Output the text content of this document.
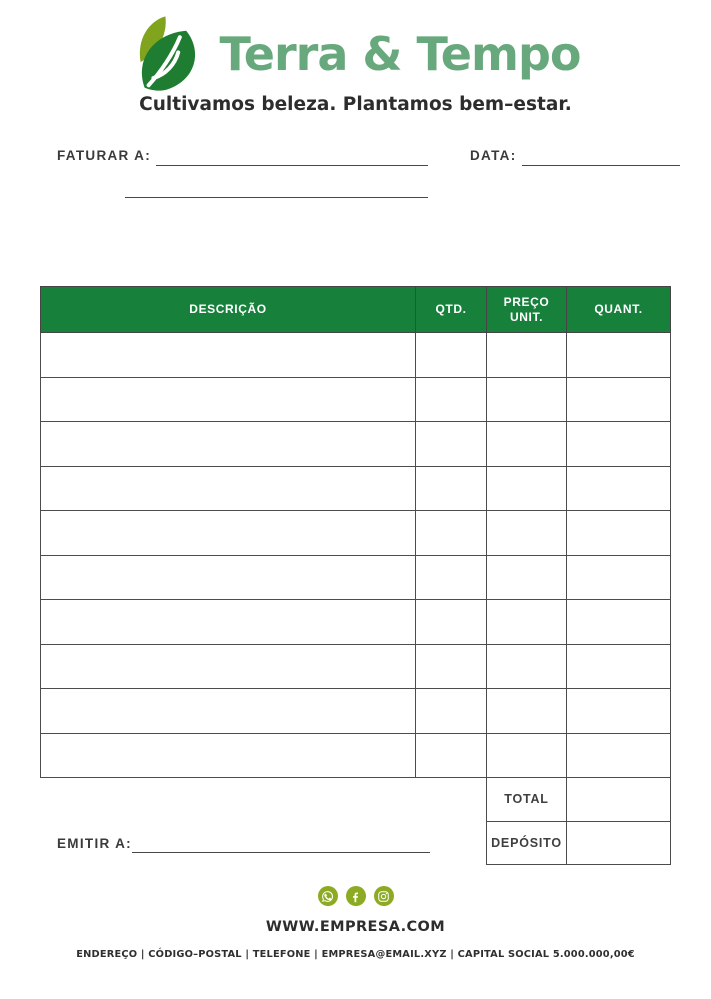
Terra & Tempo
Cultivamos beleza. Plantamos bem–estar.
FATURAR A:	DATA:
DESCRIÇÃO	QTD.	PREÇO UNIT.	QUANT.

		TOTAL	
		DEPÓSITO	
EMITIR A:
WWW.EMPRESA.COM
ENDEREÇO | CÓDIGO–POSTAL | TELEFONE | EMPRESA@EMAIL.XYZ | CAPITAL SOCIAL 5.000.000,00€
